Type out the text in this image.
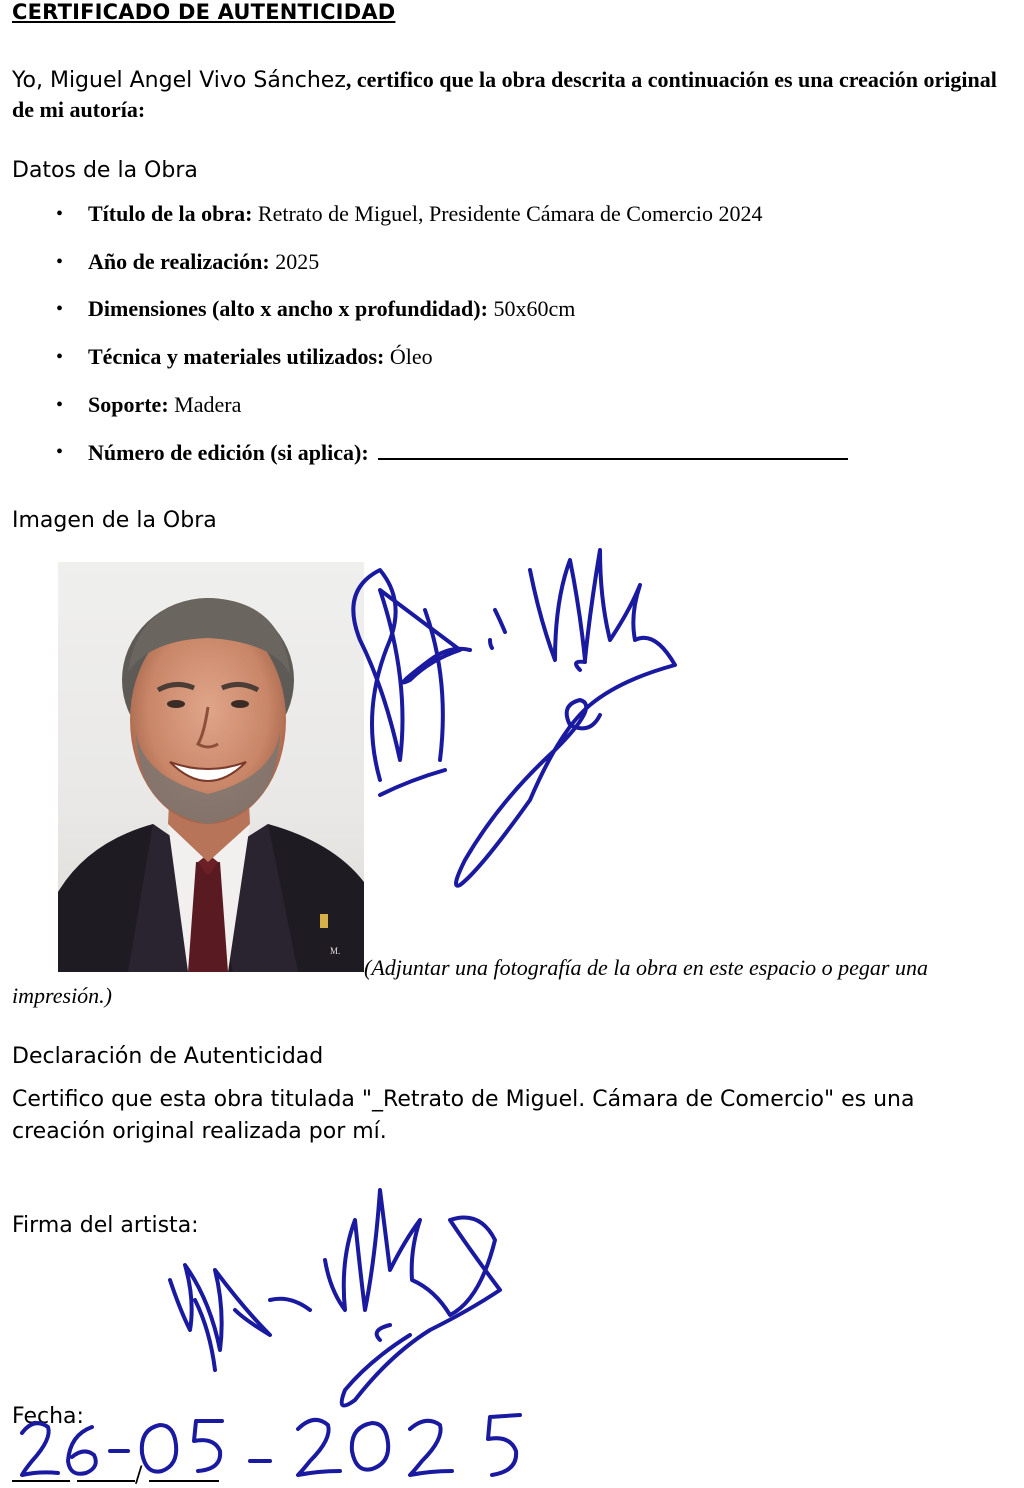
CERTIFICADO DE AUTENTICIDAD
Yo, Miguel Angel Vivo Sánchez, certifico que la obra descrita a continuación es una creación original de mi autoría:
Datos de la Obra
• Título de la obra: Retrato de Miguel, Presidente Cámara de Comercio 2024
• Año de realización: 2025
• Dimensiones (alto x ancho x profundidad): 50x60cm
• Técnica y materiales utilizados: Óleo
• Soporte: Madera
• Número de edición (si aplica):
Imagen de la Obra
M.
(Adjuntar una fotografía de la obra en este espacio o pegar una impresión.)
Declaración de Autenticidad
Certifico que esta obra titulada "_Retrato de Miguel. Cámara de Comercio" es una creación original realizada por mí.
Firma del artista:
Fecha:
/
